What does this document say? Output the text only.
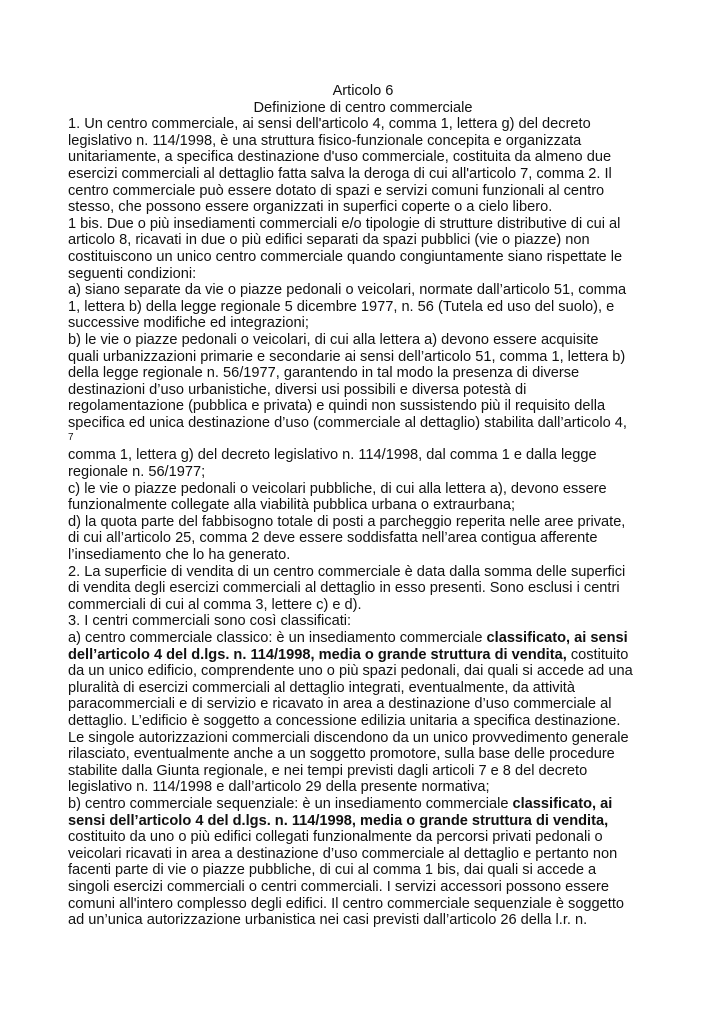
Articolo 6
Definizione di centro commerciale
1. Un centro commerciale, ai sensi dell'articolo 4, comma 1, lettera g) del decreto
legislativo n. 114/1998, è una struttura fisico-funzionale concepita e organizzata
unitariamente, a specifica destinazione d'uso commerciale, costituita da almeno due
esercizi commerciali al dettaglio fatta salva la deroga di cui all'articolo 7, comma 2. Il
centro commerciale può essere dotato di spazi e servizi comuni funzionali al centro
stesso, che possono essere organizzati in superfici coperte o a cielo libero.
1 bis. Due o più insediamenti commerciali e/o tipologie di strutture distributive di cui al
articolo 8, ricavati in due o più edifici separati da spazi pubblici (vie o piazze) non
costituiscono un unico centro commerciale quando congiuntamente siano rispettate le
seguenti condizioni:
a) siano separate da vie o piazze pedonali o veicolari, normate dall’articolo 51, comma
1, lettera b) della legge regionale 5 dicembre 1977, n. 56 (Tutela ed uso del suolo), e
successive modifiche ed integrazioni;
b) le vie o piazze pedonali o veicolari, di cui alla lettera a) devono essere acquisite
quali urbanizzazioni primarie e secondarie ai sensi dell’articolo 51, comma 1, lettera b)
della legge regionale n. 56/1977, garantendo in tal modo la presenza di diverse
destinazioni d’uso urbanistiche, diversi usi possibili e diversa potestà di
regolamentazione (pubblica e privata) e quindi non sussistendo più il requisito della
specifica ed unica destinazione d’uso (commerciale al dettaglio) stabilita dall’articolo 4,
7
comma 1, lettera g) del decreto legislativo n. 114/1998, dal comma 1 e dalla legge
regionale n. 56/1977;
c) le vie o piazze pedonali o veicolari pubbliche, di cui alla lettera a), devono essere
funzionalmente collegate alla viabilità pubblica urbana o extraurbana;
d) la quota parte del fabbisogno totale di posti a parcheggio reperita nelle aree private,
di cui all’articolo 25, comma 2 deve essere soddisfatta nell’area contigua afferente
l’insediamento che lo ha generato.
2. La superficie di vendita di un centro commerciale è data dalla somma delle superfici
di vendita degli esercizi commerciali al dettaglio in esso presenti. Sono esclusi i centri
commerciali di cui al comma 3, lettere c) e d).
3. I centri commerciali sono così classificati:
a) centro commerciale classico: è un insediamento commerciale classificato, ai sensi
dell’articolo 4 del d.lgs. n. 114/1998, media o grande struttura di vendita, costituito
da un unico edificio, comprendente uno o più spazi pedonali, dai quali si accede ad una
pluralità di esercizi commerciali al dettaglio integrati, eventualmente, da attività
paracommerciali e di servizio e ricavato in area a destinazione d’uso commerciale al
dettaglio. L’edificio è soggetto a concessione edilizia unitaria a specifica destinazione.
Le singole autorizzazioni commerciali discendono da un unico provvedimento generale
rilasciato, eventualmente anche a un soggetto promotore, sulla base delle procedure
stabilite dalla Giunta regionale, e nei tempi previsti dagli articoli 7 e 8 del decreto
legislativo n. 114/1998 e dall’articolo 29 della presente normativa;
b) centro commerciale sequenziale: è un insediamento commerciale classificato, ai
sensi dell’articolo 4 del d.lgs. n. 114/1998, media o grande struttura di vendita,
costituito da uno o più edifici collegati funzionalmente da percorsi privati pedonali o
veicolari ricavati in area a destinazione d’uso commerciale al dettaglio e pertanto non
facenti parte di vie o piazze pubbliche, di cui al comma 1 bis, dai quali si accede a
singoli esercizi commerciali o centri commerciali. I servizi accessori possono essere
comuni all'intero complesso degli edifici. Il centro commerciale sequenziale è soggetto
ad un’unica autorizzazione urbanistica nei casi previsti dall’articolo 26 della l.r. n.
